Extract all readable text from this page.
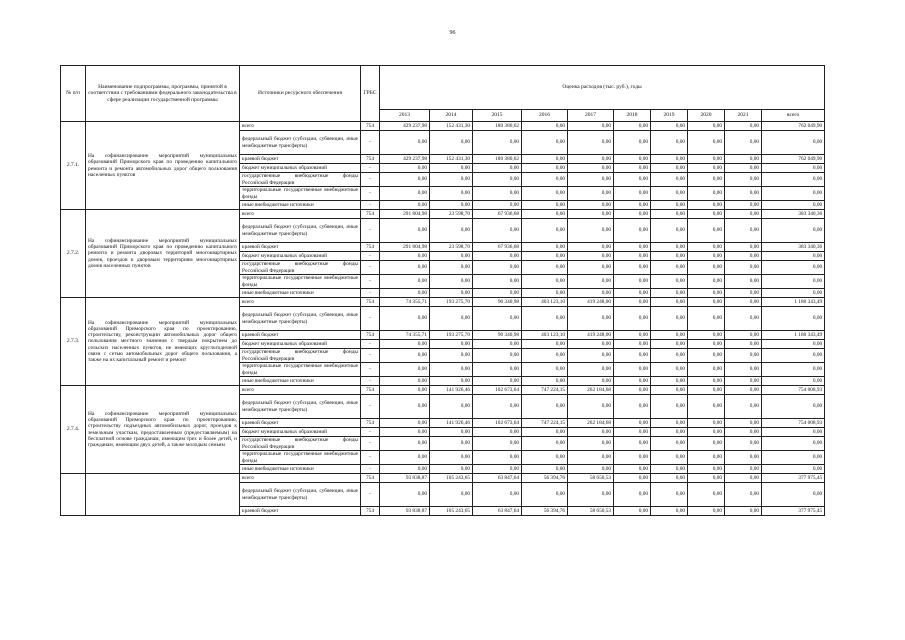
96
№ п/п	Наименование подпрограммы, программы, принятой в соответствии с требованиями федерального законодательства в сфере реализации государственной программы	Источники ресурсного обеспечения	ГРБС	Оценка расходов (тыс. руб.), годы									
				2013	2014	2015	2016	2017	2018	2019	2020	2021	всего
2.7.1.	На софинансирование мероприятий муниципальных образований Приморского края по проведению капитального ремонта и ремонта автомобильных дорог общего пользования населенных пунктов	всего	754	429 237,98	152 431,30	180 380,62	0,00	0,00	0,00	0,00	0,00	0,00	762 049,90
		федеральный бюджет (субсидии, субвенции, иные межбюджетные трансферты)	-	0,00	0,00	0,00	0,00	0,00	0,00	0,00	0,00	0,00	0,00
		краевой бюджет	754	429 237,98	152 431,30	180 380,62	0,00	0,00	0,00	0,00	0,00	0,00	762 049,90
		бюджет муниципальных образований	-	0,00	0,00	0,00	0,00	0,00	0,00	0,00	0,00	0,00	0,00
		государственные внебюджетные фонды Российской Федерации	-	0,00	0,00	0,00	0,00	0,00	0,00	0,00	0,00	0,00	0,00
		территориальные государственные внебюджетные фонды	-	0,00	0,00	0,00	0,00	0,00	0,00	0,00	0,00	0,00	0,00
		иные внебюджетные источники	-	0,00	0,00	0,00	0,00	0,00	0,00	0,00	0,00	0,00	0,00
2.7.2.	На софинансирование мероприятий муниципальных образований Приморского края по проведению капитального ремонта и ремонта дворовых территорий многоквартирных домов, проездов к дворовым территориям многоквартирных домов населенных пунктов	всего	754	291 804,98	23 598,70	67 936,68	0,00	0,00	0,00	0,00	0,00	0,00	383 340,36
		федеральный бюджет (субсидии, субвенции, иные межбюджетные трансферты)	-	0,00	0,00	0,00	0,00	0,00	0,00	0,00	0,00	0,00	0,00
		краевой бюджет	754	291 804,98	23 598,70	67 936,68	0,00	0,00	0,00	0,00	0,00	0,00	383 340,36
		бюджет муниципальных образований	-	0,00	0,00	0,00	0,00	0,00	0,00	0,00	0,00	0,00	0,00
		государственные внебюджетные фонды Российской Федерации	-	0,00	0,00	0,00	0,00	0,00	0,00	0,00	0,00	0,00	0,00
		территориальные государственные внебюджетные фонды	-	0,00	0,00	0,00	0,00	0,00	0,00	0,00	0,00	0,00	0,00
		иные внебюджетные источники	-	0,00	0,00	0,00	0,00	0,00	0,00	0,00	0,00	0,00	0,00
2.7.3.	На софинансирование мероприятий муниципальных образований Приморского края по проектированию, строительству, реконструкции автомобильных дорог общего пользования местного значения с твердым покрытием до сельских населенных пунктов, не имеющих круглогодичной связи с сетью автомобильных дорог общего пользования, а также на их капитальный ремонт и ремонт	всего	754	74 355,71	193 275,70	90 340,98	403 123,10	419 248,00	0,00	0,00	0,00	0,00	1 180 343,49
		федеральный бюджет (субсидии, субвенции, иные межбюджетные трансферты)	-	0,00	0,00	0,00	0,00	0,00	0,00	0,00	0,00	0,00	0,00
		краевой бюджет	754	74 355,71	193 275,70	90 340,98	403 123,10	419 248,00	0,00	0,00	0,00	0,00	1 180 343,49
		бюджет муниципальных образований	-	0,00	0,00	0,00	0,00	0,00	0,00	0,00	0,00	0,00	0,00
		государственные внебюджетные фонды Российской Федерации	-	0,00	0,00	0,00	0,00	0,00	0,00	0,00	0,00	0,00	0,00
		территориальные государственные внебюджетные фонды	-	0,00	0,00	0,00	0,00	0,00	0,00	0,00	0,00	0,00	0,00
		иные внебюджетные источники	-	0,00	0,00	0,00	0,00	0,00	0,00	0,00	0,00	0,00	0,00
2.7.4.	На софинансирование мероприятий муниципальных образований Приморского края по проектированию, строительству подъездных автомобильных дорог, проездов к земельным участкам, предоставленным (предоставляемым) на бесплатной основе гражданам, имеющим трех и более детей, и гражданам, имеющим двух детей, а также молодым семьям	всего	754	0,00	141 926,46	102 673,64	747 224,15	262 184,68	0,00	0,00	0,00	0,00	754 008,93
		федеральный бюджет (субсидии, субвенции, иные межбюджетные трансферты)	-	0,00	0,00	0,00	0,00	0,00	0,00	0,00	0,00	0,00	0,00
		краевой бюджет	754	0,00	141 926,46	102 673,64	747 224,15	262 184,68	0,00	0,00	0,00	0,00	754 008,93
		бюджет муниципальных образований	-	0,00	0,00	0,00	0,00	0,00	0,00	0,00	0,00	0,00	0,00
		государственные внебюджетные фонды Российской Федерации	-	0,00	0,00	0,00	0,00	0,00	0,00	0,00	0,00	0,00	0,00
		территориальные государственные внебюджетные фонды	-	0,00	0,00	0,00	0,00	0,00	0,00	0,00	0,00	0,00	0,00
		иные внебюджетные источники	-	0,00	0,00	0,00	0,00	0,00	0,00	0,00	0,00	0,00	0,00
		всего	754	93 838,87	105 243,65	63 847,64	56 394,76	58 650,53	0,00	0,00	0,00	0,00	377 975,45
		федеральный бюджет (субсидии, субвенции, иные межбюджетные трансферты)	-	0,00	0,00	0,00	0,00	0,00	0,00	0,00	0,00	0,00	0,00
		краевой бюджет	754	93 838,87	105 243,65	63 847,64	56 394,76	58 650,53	0,00	0,00	0,00	0,00	377 975,45
